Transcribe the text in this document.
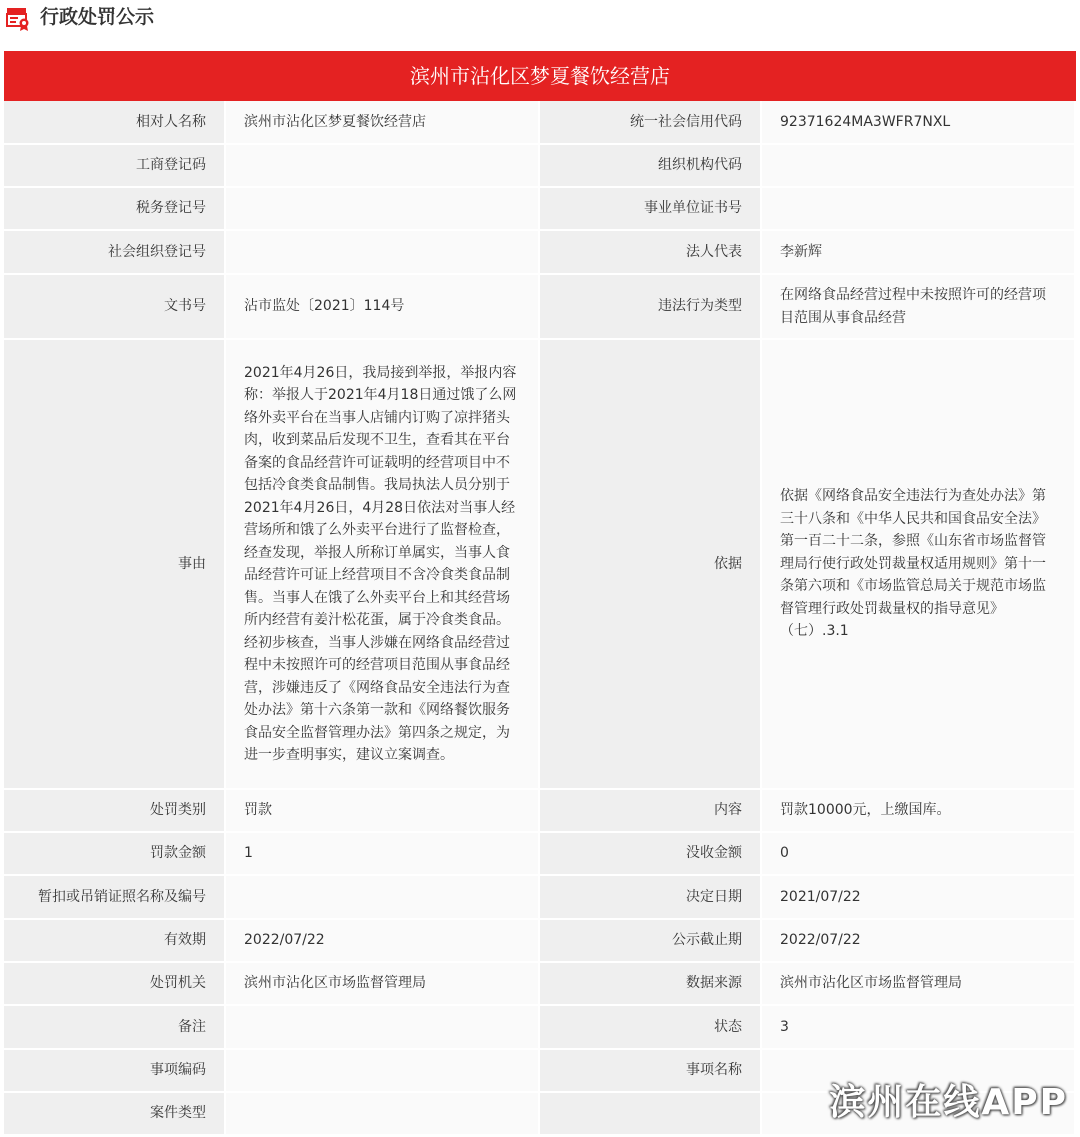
行政处罚公示
滨州市沾化区梦夏餐饮经营店
相对人名称	滨州市沾化区梦夏餐饮经营店	统一社会信用代码	92371624MA3WFR7NXL
工商登记码		组织机构代码	
税务登记号		事业单位证书号	
社会组织登记号		法人代表	李新辉
文书号	沾市监处〔2021〕114号	违法行为类型	在网络食品经营过程中未按照许可的经营项目范围从事食品经营
事由	2021年4月26日，我局接到举报，举报内容称：举报人于2021年4月18日通过饿了么网络外卖平台在当事人店铺内订购了凉拌猪头肉，收到菜品后发现不卫生，查看其在平台备案的食品经营许可证载明的经营项目中不包括冷食类食品制售。我局执法人员分别于2021年4月26日，4月28日依法对当事人经营场所和饿了么外卖平台进行了监督检查，经查发现，举报人所称订单属实，当事人食品经营许可证上经营项目不含冷食类食品制售。当事人在饿了么外卖平台上和其经营场所内经营有姜汁松花蛋，属于冷食类食品。经初步核查，当事人涉嫌在网络食品经营过程中未按照许可的经营项目范围从事食品经营，涉嫌违反了《网络食品安全违法行为查处办法》第十六条第一款和《网络餐饮服务食品安全监督管理办法》第四条之规定，为进一步查明事实，建议立案调查。	依据	依据《网络食品安全违法行为查处办法》第三十八条和《中华人民共和国食品安全法》第一百二十二条，参照《山东省市场监督管理局行使行政处罚裁量权适用规则》第十一条第六项和《市场监管总局关于规范市场监督管理行政处罚裁量权的指导意见》（七）.3.1
处罚类别	罚款	内容	罚款10000元，上缴国库。
罚款金额	1	没收金额	0
暂扣或吊销证照名称及编号		决定日期	2021/07/22
有效期	2022/07/22	公示截止期	2022/07/22
处罚机关	滨州市沾化区市场监督管理局	数据来源	滨州市沾化区市场监督管理局
备注		状态	3
事项编码		事项名称	
案件类型				滨州在线APP
